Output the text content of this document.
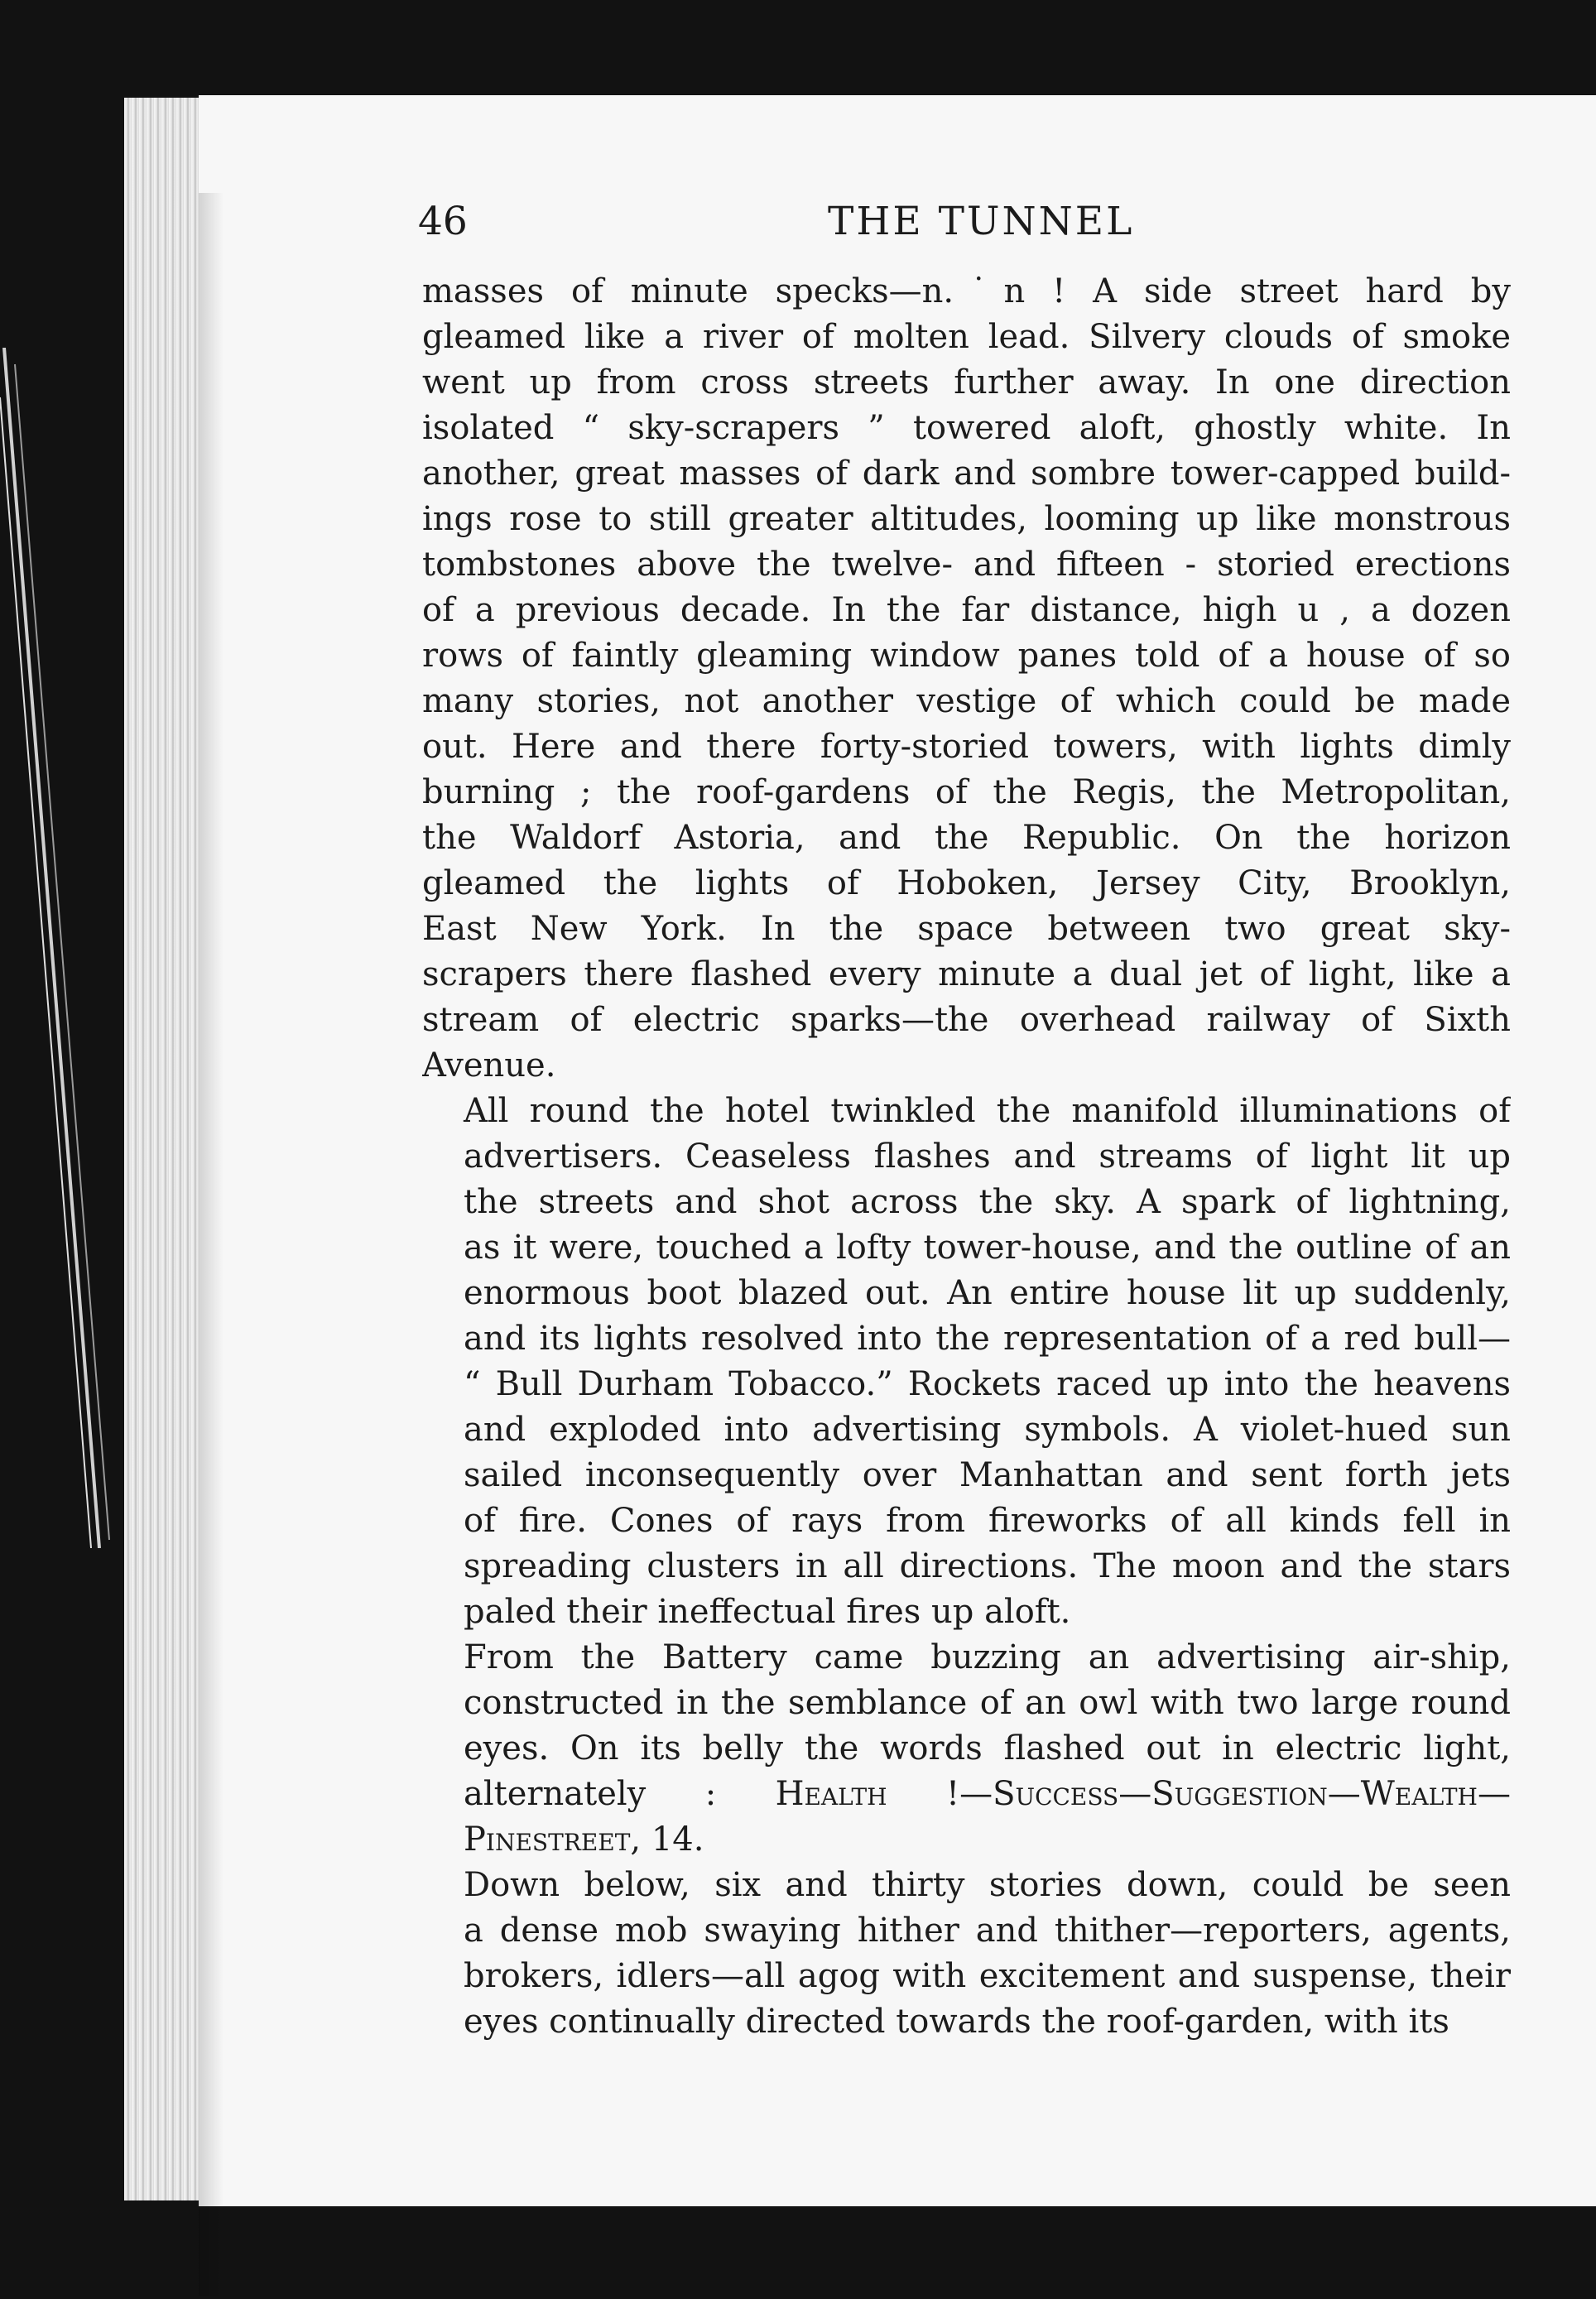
46	THE TUNNEL

masses of minute specks—n.˙n ! A side street hard by
gleamed like a river of molten lead. Silvery clouds of smoke
went up from cross streets further away. In one direction
isolated “ sky-scrapers ” towered aloft, ghostly white. In
another, great masses of dark and sombre tower-capped build-
ings rose to still greater altitudes, looming up like monstrous
tombstones above the twelve- and fifteen - storied erections
of a previous decade. In the far distance, high u , a dozen
rows of faintly gleaming window panes told of a house of so
many stories, not another vestige of which could be made
out. Here and there forty-storied towers, with lights dimly
burning ; the roof-gardens of the Regis, the Metropolitan,
the Waldorf Astoria, and the Republic. On the horizon
gleamed the lights of Hoboken, Jersey City, Brooklyn,
East New York. In the space between two great sky-
scrapers there flashed every minute a dual jet of light, like a
stream of electric sparks—the overhead railway of Sixth
Avenue.

All round the hotel twinkled the manifold illuminations of
advertisers. Ceaseless flashes and streams of light lit up
the streets and shot across the sky. A spark of lightning,
as it were, touched a lofty tower-house, and the outline of an
enormous boot blazed out. An entire house lit up suddenly,
and its lights resolved into the representation of a red bull—
“ Bull Durham Tobacco.” Rockets raced up into the heavens
and exploded into advertising symbols. A violet-hued sun
sailed inconsequently over Manhattan and sent forth jets
of fire. Cones of rays from fireworks of all kinds fell in
spreading clusters in all directions. The moon and the stars
paled their ineffectual fires up aloft.

From the Battery came buzzing an advertising air-ship,
constructed in the semblance of an owl with two large round
eyes. On its belly the words flashed out in electric light,
alternately : Health !—Success—Suggestion—Wealth—
Pinestreet, 14.

Down below, six and thirty stories down, could be seen
a dense mob swaying hither and thither—reporters, agents,
brokers, idlers—all agog with excitement and suspense, their
eyes continually directed towards the roof-garden, with its
